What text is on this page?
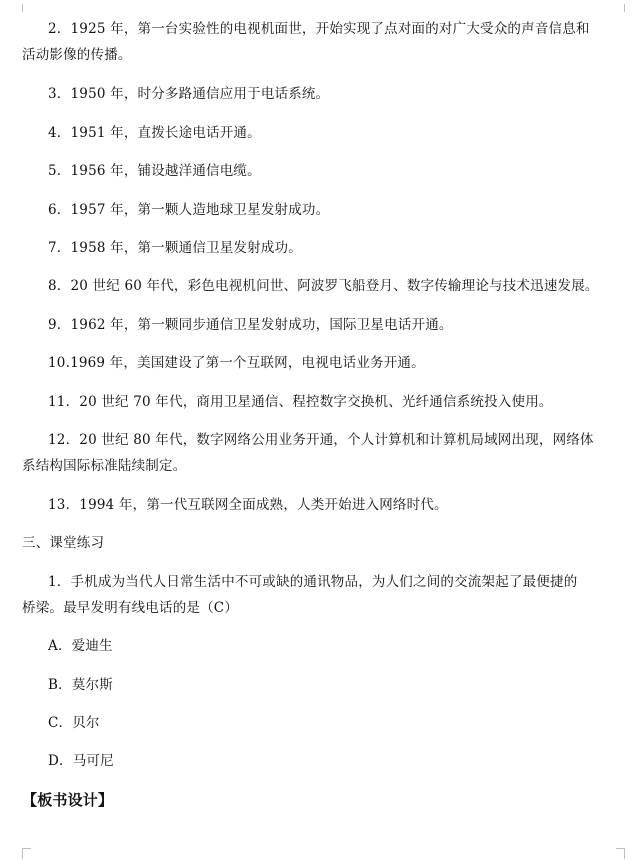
2．1925 年，第一台实验性的电视机面世，开始实现了点对面的对广大受众的声音信息和
活动影像的传播。
3．1950 年，时分多路通信应用于电话系统。
4．1951 年，直拨长途电话开通。
5．1956 年，铺设越洋通信电缆。
6．1957 年，第一颗人造地球卫星发射成功。
7．1958 年，第一颗通信卫星发射成功。
8．20 世纪 60 年代，彩色电视机问世、阿波罗飞船登月、数字传输理论与技术迅速发展。
9．1962 年，第一颗同步通信卫星发射成功，国际卫星电话开通。
10.1969 年，美国建设了第一个互联网，电视电话业务开通。
11．20 世纪 70 年代，商用卫星通信、程控数字交换机、光纤通信系统投入使用。
12．20 世纪 80 年代，数字网络公用业务开通，个人计算机和计算机局域网出现，网络体
系结构国际标准陆续制定。
13．1994 年，第一代互联网全面成熟，人类开始进入网络时代。
三、课堂练习
1．手机成为当代人日常生活中不可或缺的通讯物品，为人们之间的交流架起了最便捷的
桥梁。最早发明有线电话的是（C）
A．爱迪生
B．莫尔斯
C．贝尔
D．马可尼
【板书设计】
